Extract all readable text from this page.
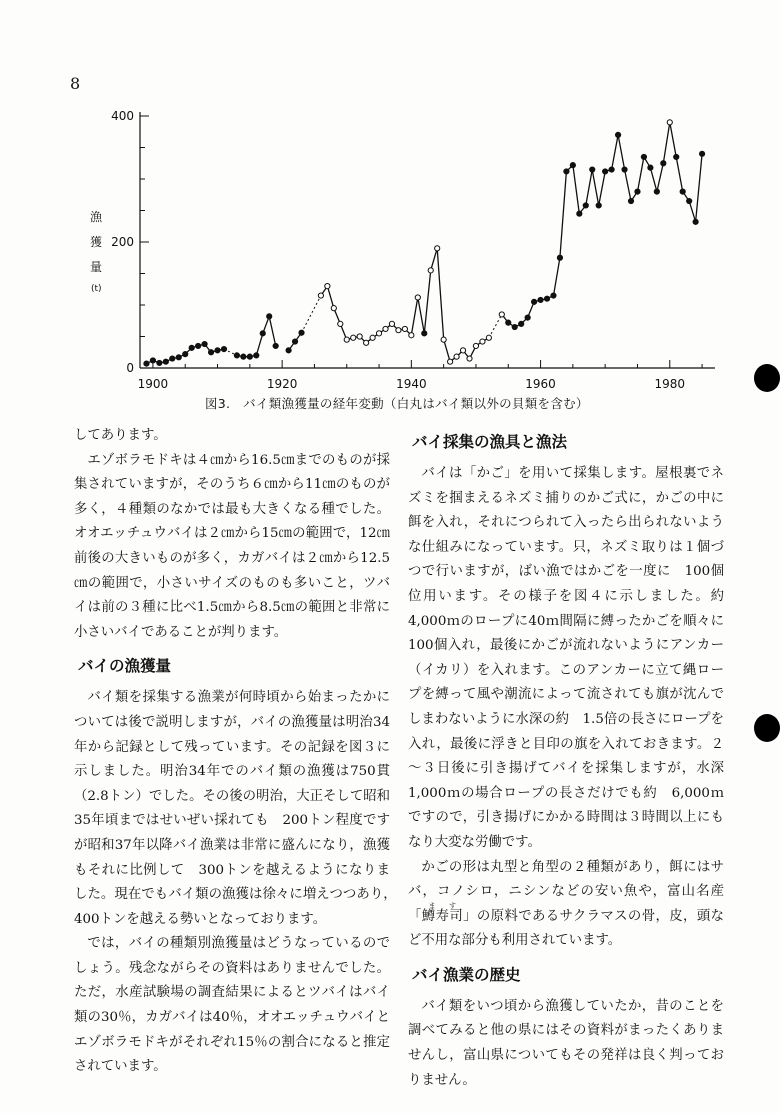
8
0
200
400
1900	1920	1940	1960	1980
漁
獲
量
(t)
図3.　バイ類漁獲量の経年変動（白丸はバイ類以外の貝類を含む）

してあります。

エゾボラモドキは４㎝から16.5㎝までのものが採集されていますが，そのうち６㎝から11㎝のものが多く，４種類のなかでは最も大きくなる種でした。オオエッチュウバイは２㎝から15㎝の範囲で，12㎝前後の大きいものが多く，カガバイは２㎝から12.5㎝の範囲で，小さいサイズのものも多いこと，ツバイは前の３種に比べ1.5㎝から8.5㎝の範囲と非常に小さいバイであることが判ります。

バイの漁獲量

バイ類を採集する漁業が何時頃から始まったかについては後で説明しますが，バイの漁獲量は明治34年から記録として残っています。その記録を図３に示しました。明治34年でのバイ類の漁獲は750貫（2.8トン）でした。その後の明治，大正そして昭和35年頃まではせいぜい採れても　200トン程度ですが昭和37年以降バイ漁業は非常に盛んになり，漁獲もそれに比例して　300トンを越えるようになりました。現在でもバイ類の漁獲は徐々に増えつつあり，　400トンを越える勢いとなっております。

では，バイの種類別漁獲量はどうなっているのでしょう。残念ながらその資料はありませんでした。ただ，水産試験場の調査結果によるとツバイはバイ類の30％，カガバイは40％，オオエッチュウバイとエゾボラモドキがそれぞれ15％の割合になると推定されています。

バイ採集の漁具と漁法

バイは「かご」を用いて採集します。屋根裏でネズミを掴まえるネズミ捕りのかご式に，かごの中に餌を入れ，それにつられて入ったら出られないような仕組みになっています。只，ネズミ取りは１個づつで行いますが，ばい漁ではかごを一度に　100個位用います。その様子を図４に示しました。約　4,000ｍのロープに40ｍ間隔に縛ったかごを順々に　100個入れ，最後にかごが流れないようにアンカー（イカリ）を入れます。このアンカーに立て縄ロープを縛って風や潮流によって流されても旗が沈んでしまわないように水深の約　1.5倍の長さにロープを入れ，最後に浮きと目印の旗を入れておきます。２～３日後に引き揚げてバイを採集しますが，水深　1,000ｍの場合ロープの長さだけでも約　6,000ｍですので，引き揚げにかかる時間は３時間以上にもなり大変な労働です。

かごの形は丸型と角型の２種類があり，餌にはサバ，コノシロ，ニシンなどの安い魚や，富山名産「鱒寿司ます」の原料であるサクラマスの骨，皮，頭など不用な部分も利用されています。

バイ漁業の歴史

バイ類をいつ頃から漁獲していたか，昔のことを調べてみると他の県にはその資料がまったくありませんし，富山県についてもその発祥は良く判っておりません。
